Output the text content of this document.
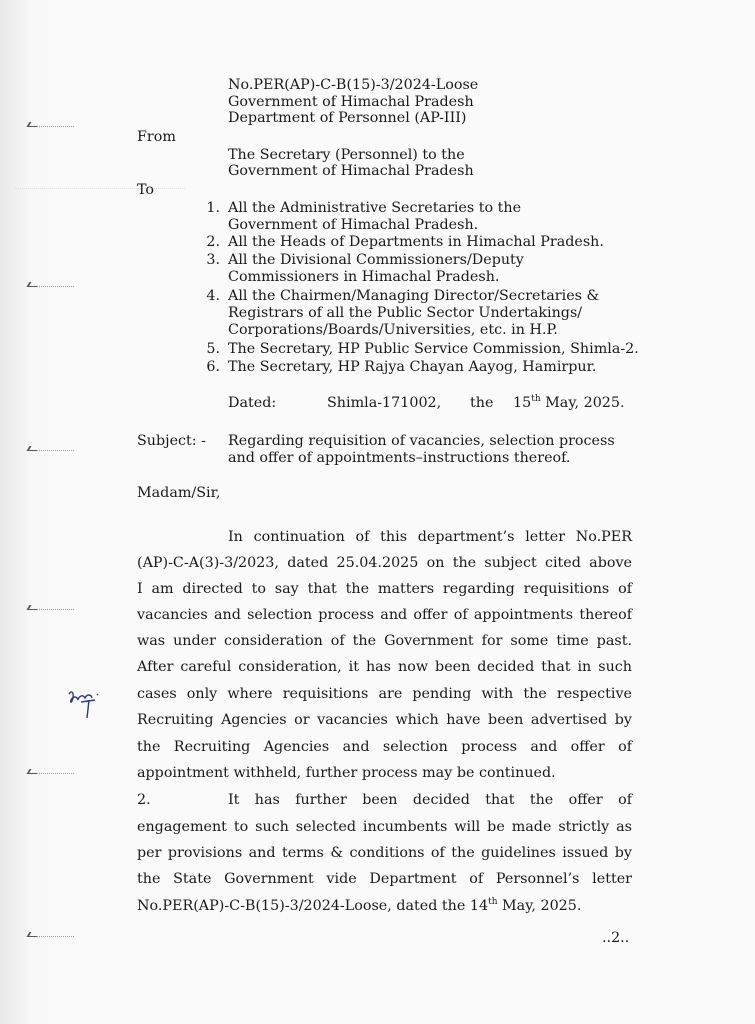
No.PER(AP)-C-B(15)-3/2024-Loose
Government of Himachal Pradesh
Department of Personnel (AP-III)
From
The Secretary (Personnel) to the
Government of Himachal Pradesh
To
1. All the Administrative Secretaries to the
Government of Himachal Pradesh.
2. All the Heads of Departments in Himachal Pradesh.
3. All the Divisional Commissioners/Deputy
Commissioners in Himachal Pradesh.
4. All the Chairmen/Managing Director/Secretaries &
Registrars of all the Public Sector Undertakings/
Corporations/Boards/Universities, etc. in H.P.
5. The Secretary, HP Public Service Commission, Shimla-2.
6. The Secretary, HP Rajya Chayan Aayog, Hamirpur.
Dated:	Shimla-171002, the 15th May, 2025.
Subject: - Regarding requisition of vacancies, selection process
and offer of appointments–instructions thereof.
Madam/Sir,
In continuation of this department’s letter No.PER
(AP)-C-A(3)-3/2023, dated 25.04.2025 on the subject cited above
I am directed to say that the matters regarding requisitions of
vacancies and selection process and offer of appointments thereof
was under consideration of the Government for some time past.
After careful consideration, it has now been decided that in such
cases only where requisitions are pending with the respective
Recruiting Agencies or vacancies which have been advertised by
the Recruiting Agencies and selection process and offer of
appointment withheld, further process may be continued.
2.	It has further been decided that the offer of
engagement to such selected incumbents will be made strictly as
per provisions and terms & conditions of the guidelines issued by
the State Government vide Department of Personnel’s letter
No.PER(AP)-C-B(15)-3/2024-Loose, dated the 14th May, 2025.
..2..
